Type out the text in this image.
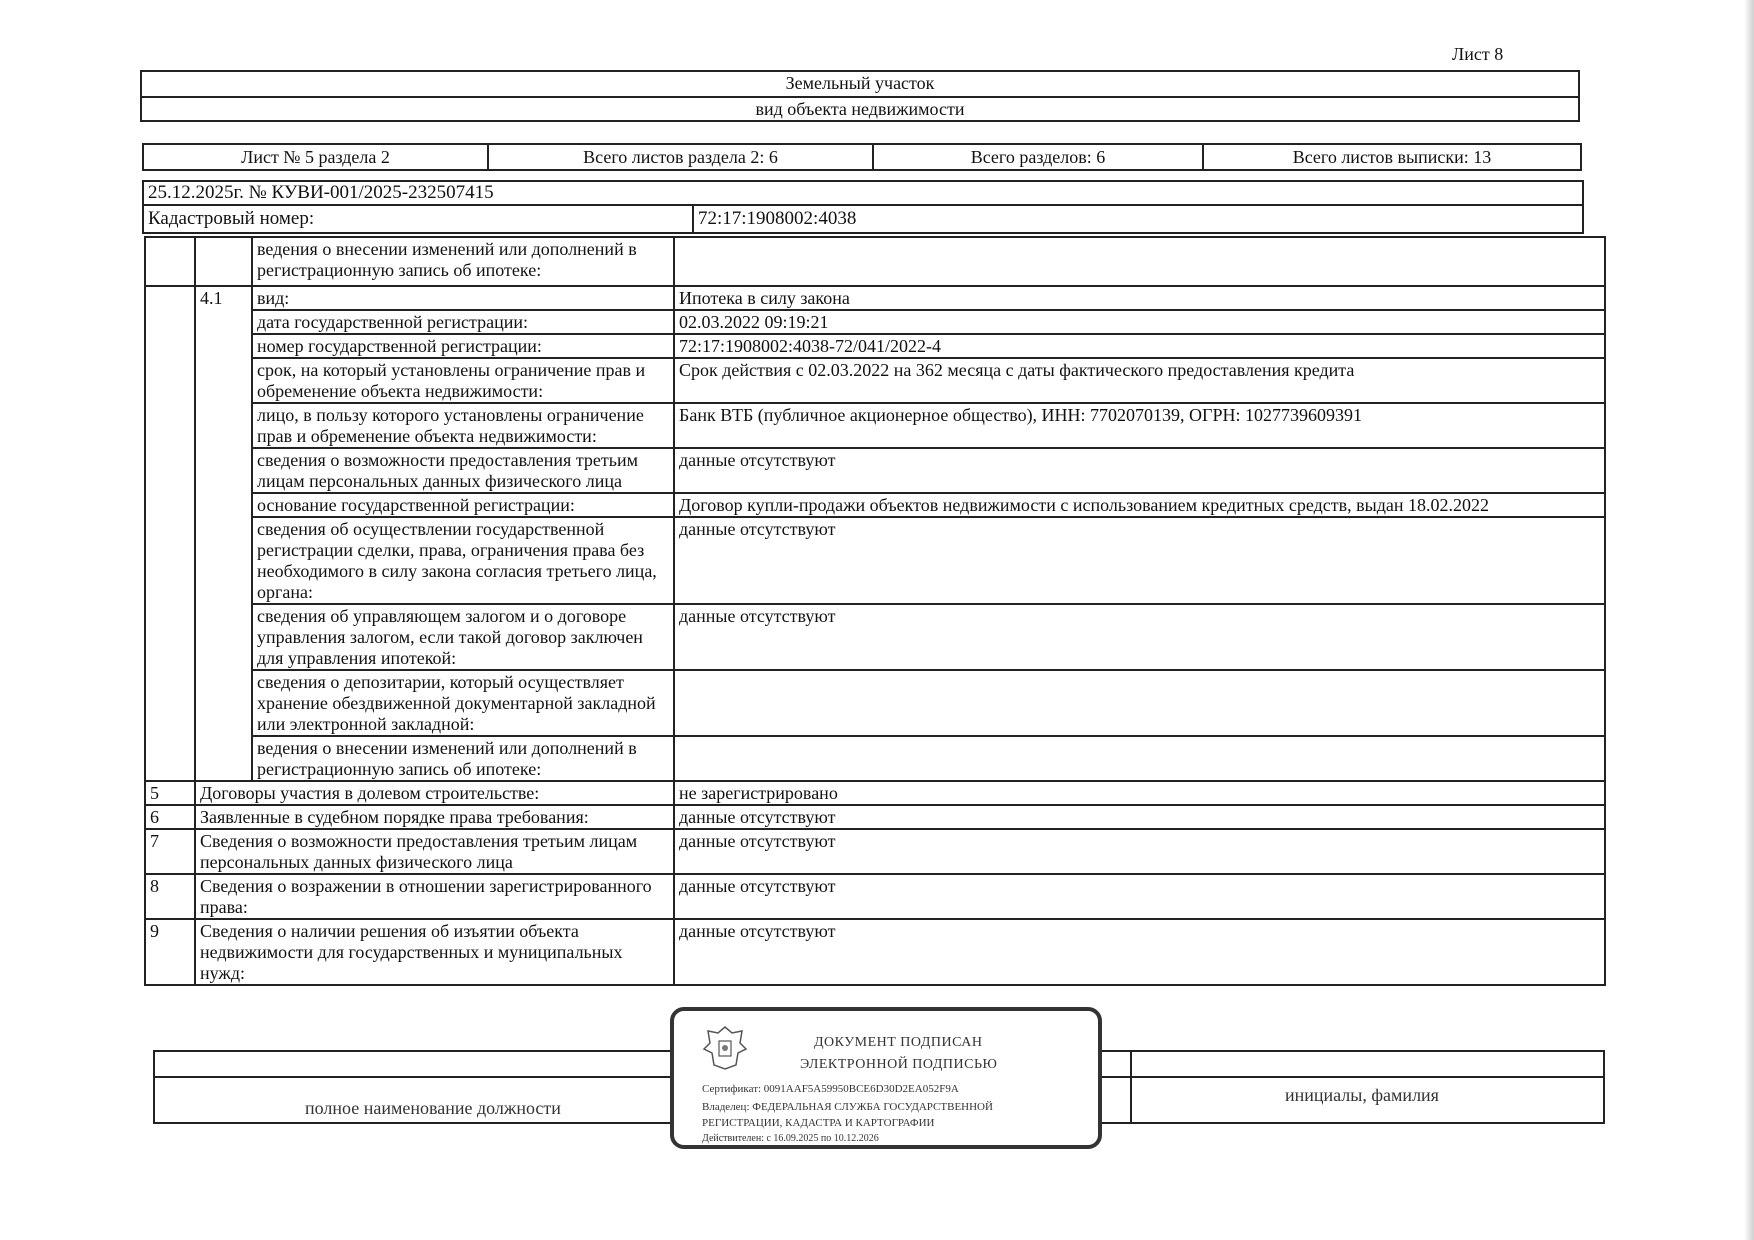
Лист 8
Земельный участок
вид объекта недвижимости
Лист № 5 раздела 2	Всего листов раздела 2: 6	Всего разделов: 6	Всего листов выписки: 13
25.12.2025г. № КУВИ-001/2025-232507415
Кадастровый номер:	72:17:1908002:4038
		ведения о внесении изменений или дополнений в регистрационную запись об ипотеке:	
	4.1	вид:	Ипотека в силу закона
		дата государственной регистрации:	02.03.2022 09:19:21
		номер государственной регистрации:	72:17:1908002:4038-72/041/2022-4
		срок, на который установлены ограничение прав и обременение объекта недвижимости:	Срок действия с 02.03.2022 на 362 месяца с даты фактического предоставления кредита
		лицо, в пользу которого установлены ограничение прав и обременение объекта недвижимости:	Банк ВТБ (публичное акционерное общество), ИНН: 7702070139, ОГРН: 1027739609391
		сведения о возможности предоставления третьим лицам персональных данных физического лица	данные отсутствуют
		основание государственной регистрации:	Договор купли-продажи объектов недвижимости с использованием кредитных средств, выдан 18.02.2022
		сведения об осуществлении государственной регистрации сделки, права, ограничения права без необходимого в силу закона согласия третьего лица, органа:	данные отсутствуют
		сведения об управляющем залогом и о договоре управления залогом, если такой договор заключен для управления ипотекой:	данные отсутствуют
		сведения о депозитарии, который осуществляет хранение обездвиженной документарной закладной или электронной закладной:	
		ведения о внесении изменений или дополнений в регистрационную запись об ипотеке:	
5	Договоры участия в долевом строительстве:		не зарегистрировано
6	Заявленные в судебном порядке права требования:		данные отсутствуют
7	Сведения о возможности предоставления третьим лицам персональных данных физического лица		данные отсутствуют
8	Сведения о возражении в отношении зарегистрированного права:		данные отсутствуют
9	Сведения о наличии решения об изъятии объекта недвижимости для государственных и муниципальных нужд:		данные отсутствуют
полное наименование должности
инициалы, фамилия
ДОКУМЕНТ ПОДПИСАН
ЭЛЕКТРОННОЙ ПОДПИСЬЮ
Сертификат: 0091AAF5A59950BCE6D30D2EA052F9A
Владелец: ФЕДЕРАЛЬНАЯ СЛУЖБА ГОСУДАРСТВЕННОЙ
РЕГИСТРАЦИИ, КАДАСТРА И КАРТОГРАФИИ
Действителен: с 16.09.2025 по 10.12.2026
